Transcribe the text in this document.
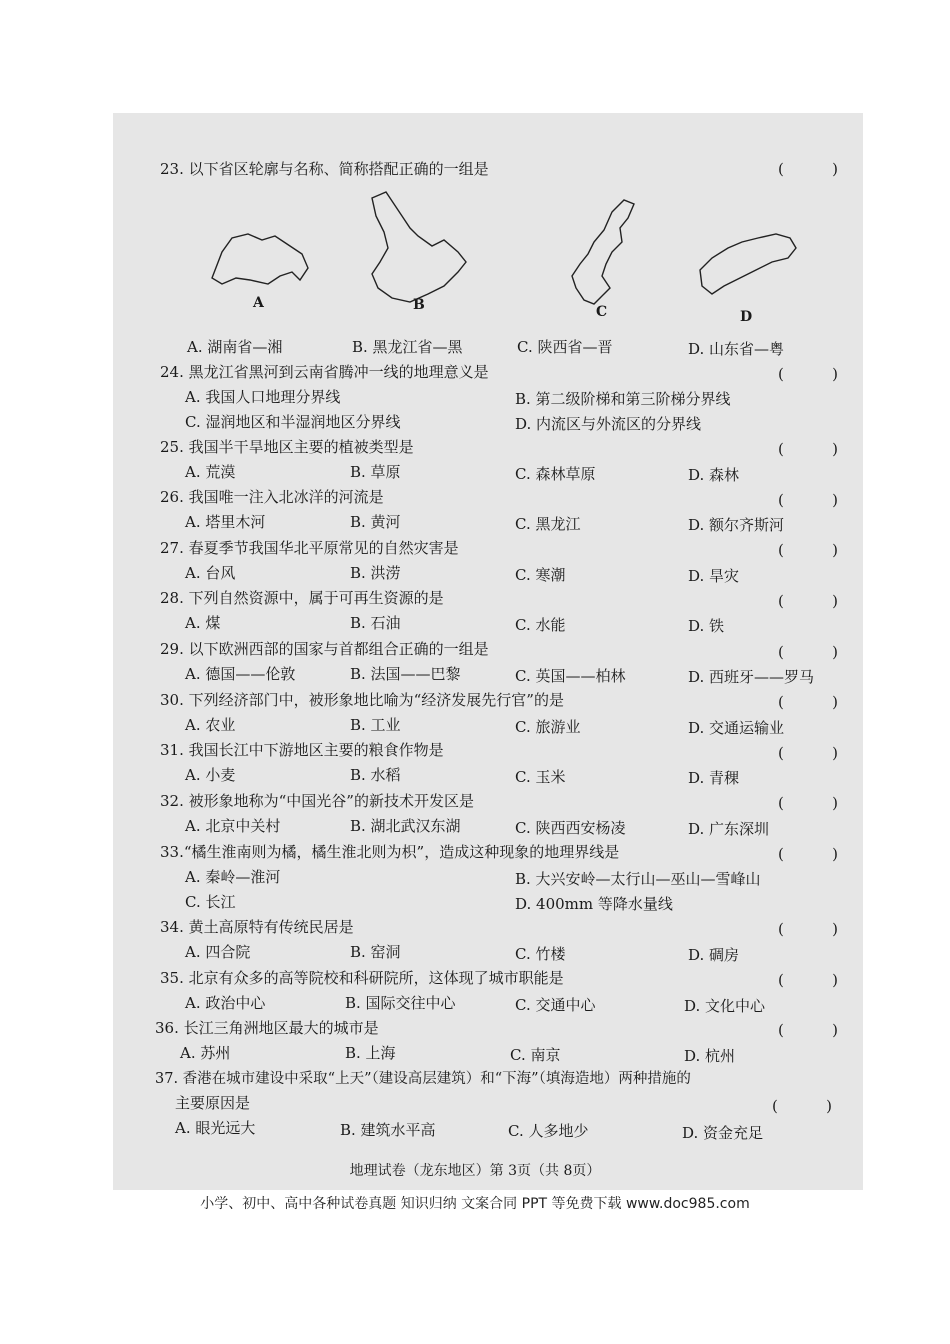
23. 以下省区轮廓与名称、简称搭配正确的一组是	(	)
A	B	C	D
A. 湖南省—湘	B. 黑龙江省—黑	C. 陕西省—晋	D. 山东省—粤
24. 黑龙江省黑河到云南省腾冲一线的地理意义是	(	)
A. 我国人口地理分界线	B. 第二级阶梯和第三阶梯分界线
C. 湿润地区和半湿润地区分界线	D. 内流区与外流区的分界线
25. 我国半干旱地区主要的植被类型是	(	)
A. 荒漠	B. 草原	C. 森林草原	D. 森林
26. 我国唯一注入北冰洋的河流是	(	)
A. 塔里木河	B. 黄河	C. 黑龙江	D. 额尔齐斯河
27. 春夏季节我国华北平原常见的自然灾害是	(	)
A. 台风	B. 洪涝	C. 寒潮	D. 旱灾
28. 下列自然资源中，属于可再生资源的是	(	)
A. 煤	B. 石油	C. 水能	D. 铁
29. 以下欧洲西部的国家与首都组合正确的一组是	(	)
A. 德国——伦敦	B. 法国——巴黎	C. 英国——柏林	D. 西班牙——罗马
30. 下列经济部门中，被形象地比喻为“经济发展先行官”的是	(	)
A. 农业	B. 工业	C. 旅游业	D. 交通运输业
31. 我国长江中下游地区主要的粮食作物是	(	)
A. 小麦	B. 水稻	C. 玉米	D. 青稞
32. 被形象地称为“中国光谷”的新技术开发区是	(	)
A. 北京中关村	B. 湖北武汉东湖	C. 陕西西安杨凌	D. 广东深圳
33.“橘生淮南则为橘，橘生淮北则为枳”，造成这种现象的地理界线是	(	)
A. 秦岭—淮河	B. 大兴安岭—太行山—巫山—雪峰山
C. 长江	D. 400mm 等降水量线
34. 黄土高原特有传统民居是	(	)
A. 四合院	B. 窑洞	C. 竹楼	D. 碉房
35. 北京有众多的高等院校和科研院所，这体现了城市职能是	(	)
A. 政治中心	B. 国际交往中心	C. 交通中心	D. 文化中心
36. 长江三角洲地区最大的城市是	(	)
A. 苏州	B. 上海	C. 南京	D. 杭州
37. 香港在城市建设中采取“上天”（建设高层建筑）和“下海”（填海造地）两种措施的
主要原因是	(	)
A. 眼光远大	B. 建筑水平高	C. 人多地少	D. 资金充足
地理试卷（龙东地区）第 3页（共 8页）
小学、初中、高中各种试卷真题 知识归纳 文案合同 PPT 等免费下载 www.doc985.com
